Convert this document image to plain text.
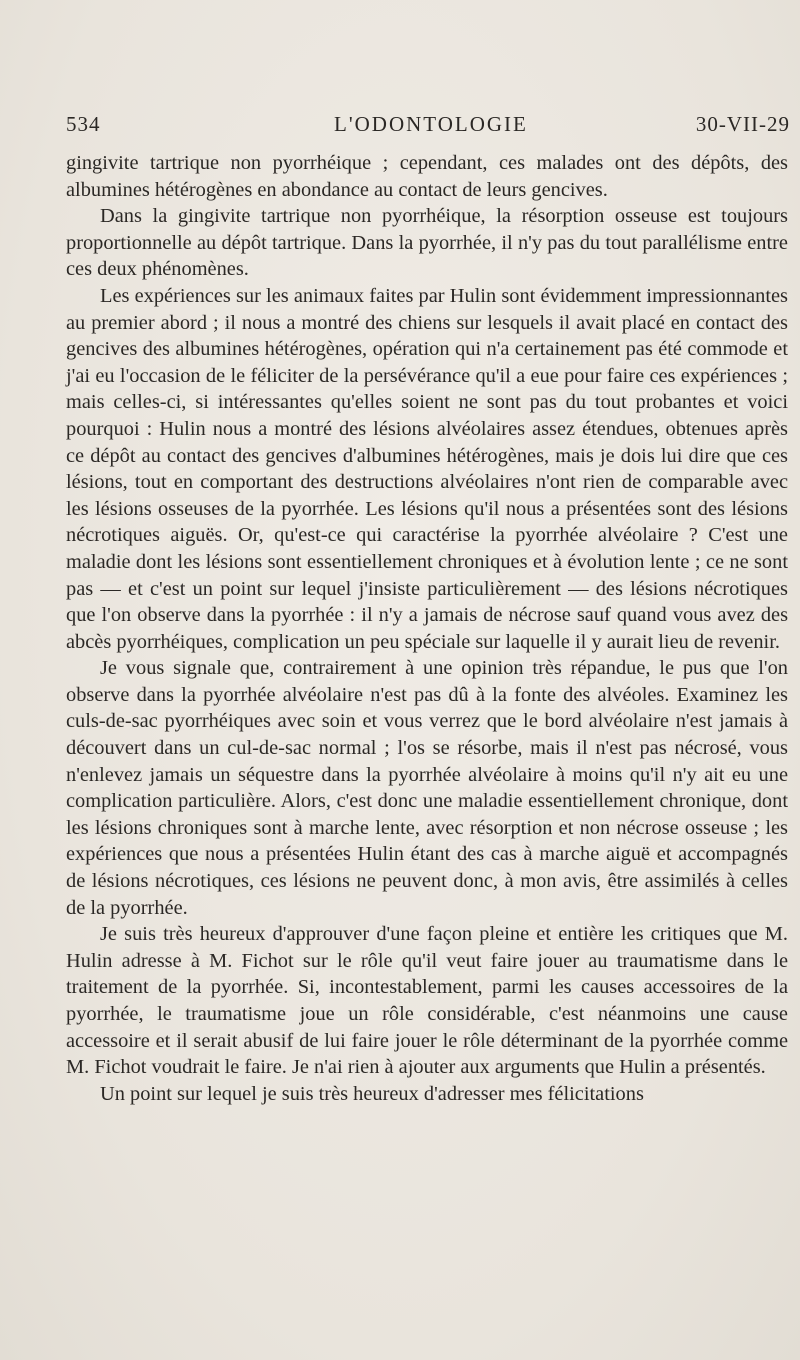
534	L'ODONTOLOGIE	30-VII-29

gingivite tartrique non pyorrhéique ; cependant, ces malades ont des dépôts, des albumines hétérogènes en abondance au contact de leurs gencives.

Dans la gingivite tartrique non pyorrhéique, la résorption osseuse est toujours proportionnelle au dépôt tartrique. Dans la pyorrhée, il n'y pas du tout parallélisme entre ces deux phénomènes.

Les expériences sur les animaux faites par Hulin sont évidemment impressionnantes au premier abord ; il nous a montré des chiens sur lesquels il avait placé en contact des gencives des albumines hétérogènes, opération qui n'a certainement pas été commode et j'ai eu l'occasion de le féliciter de la persévérance qu'il a eue pour faire ces expériences ; mais celles-ci, si intéressantes qu'elles soient ne sont pas du tout probantes et voici pourquoi : Hulin nous a montré des lésions alvéolaires assez étendues, obtenues après ce dépôt au contact des gencives d'albumines hétérogènes, mais je dois lui dire que ces lésions, tout en comportant des destructions alvéolaires n'ont rien de comparable avec les lésions osseuses de la pyorrhée. Les lésions qu'il nous a présentées sont des lésions nécrotiques aiguës. Or, qu'est-ce qui caractérise la pyorrhée alvéolaire ? C'est une maladie dont les lésions sont essentiellement chroniques et à évolution lente ; ce ne sont pas — et c'est un point sur lequel j'insiste particulièrement — des lésions nécrotiques que l'on observe dans la pyorrhée : il n'y a jamais de nécrose sauf quand vous avez des abcès pyorrhéiques, complication un peu spéciale sur laquelle il y aurait lieu de revenir.

Je vous signale que, contrairement à une opinion très répandue, le pus que l'on observe dans la pyorrhée alvéolaire n'est pas dû à la fonte des alvéoles. Examinez les culs-de-sac pyorrhéiques avec soin et vous verrez que le bord alvéolaire n'est jamais à découvert dans un cul-de-sac normal ; l'os se résorbe, mais il n'est pas nécrosé, vous n'enlevez jamais un séquestre dans la pyorrhée alvéolaire à moins qu'il n'y ait eu une complication particulière. Alors, c'est donc une maladie essentiellement chronique, dont les lésions chroniques sont à marche lente, avec résorption et non nécrose osseuse ; les expériences que nous a présentées Hulin étant des cas à marche aiguë et accompagnés de lésions nécrotiques, ces lésions ne peuvent donc, à mon avis, être assimilés à celles de la pyorrhée.

Je suis très heureux d'approuver d'une façon pleine et entière les critiques que M. Hulin adresse à M. Fichot sur le rôle qu'il veut faire jouer au traumatisme dans le traitement de la pyorrhée. Si, incontestablement, parmi les causes accessoires de la pyorrhée, le traumatisme joue un rôle considérable, c'est néanmoins une cause accessoire et il serait abusif de lui faire jouer le rôle déterminant de la pyorrhée comme M. Fichot voudrait le faire. Je n'ai rien à ajouter aux arguments que Hulin a présentés.

Un point sur lequel je suis très heureux d'adresser mes félicitations
